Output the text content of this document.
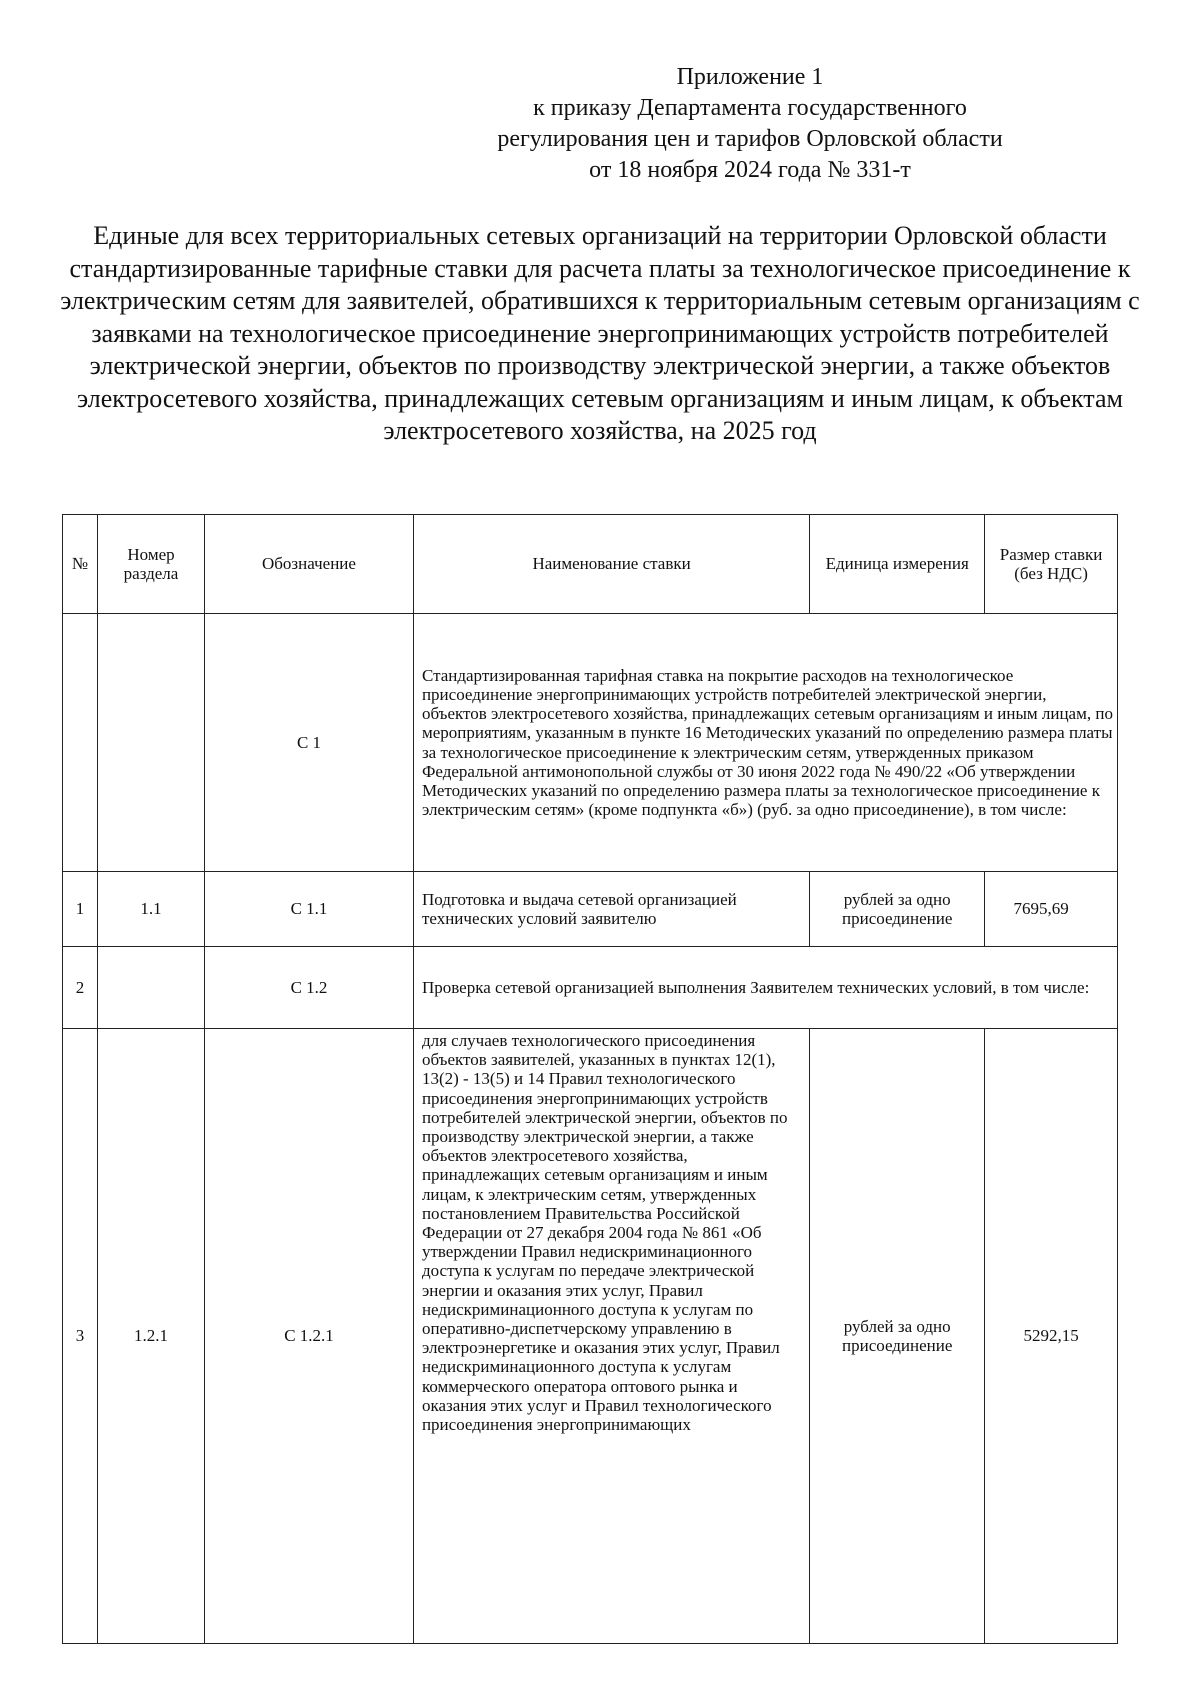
Приложение 1
к приказу Департамента государственного
регулирования цен и тарифов Орловской области
от 18 ноября 2024 года № 331-т
Единые для всех территориальных сетевых организаций на территории Орловской области стандартизированные тарифные ставки для расчета платы за технологическое присоединение к электрическим сетям для заявителей, обратившихся к территориальным сетевым организациям с заявками на технологическое присоединение энергопринимающих устройств потребителей электрической энергии, объектов по производству электрической энергии, а также объектов электросетевого хозяйства, принадлежащих сетевым организациям и иным лицам, к объектам электросетевого хозяйства, на 2025 год
№	Номер раздела	Обозначение	Наименование ставки	Единица измерения	Размер ставки (без НДС)
		С 1	Стандартизированная тарифная ставка на покрытие расходов на технологическое присоединение энергопринимающих устройств потребителей электрической энергии, объектов электросетевого хозяйства, принадлежащих сетевым организациям и иным лицам, по мероприятиям, указанным в пункте 16 Методических указаний по определению размера платы за технологическое присоединение к электрическим сетям, утвержденных приказом Федеральной антимонопольной службы от 30 июня 2022 года № 490/22 «Об утверждении Методических указаний по определению размера платы за технологическое присоединение к электрическим сетям» (кроме подпункта «б») (руб. за одно присоединение), в том числе:		
1	1.1	С 1.1	Подготовка и выдача сетевой организацией технических условий заявителю	рублей за одно присоединение	7695,69
2		С 1.2	Проверка сетевой организацией выполнения Заявителем технических условий, в том числе:		
3	1.2.1	С 1.2.1	для случаев технологического присоединения объектов заявителей, указанных в пунктах 12(1), 13(2) - 13(5) и 14 Правил технологического присоединения энергопринимающих устройств потребителей электрической энергии, объектов по производству электрической энергии, а также объектов электросетевого хозяйства, принадлежащих сетевым организациям и иным лицам, к электрическим сетям, утвержденных постановлением Правительства Российской Федерации от 27 декабря 2004 года № 861 «Об утверждении Правил недискриминационного доступа к услугам по передаче электрической энергии и оказания этих услуг, Правил недискриминационного доступа к услугам по оперативно-диспетчерскому управлению в электроэнергетике и оказания этих услуг, Правил недискриминационного доступа к услугам коммерческого оператора оптового рынка и оказания этих услуг и Правил технологического присоединения энергопринимающих	рублей за одно присоединение	5292,15
